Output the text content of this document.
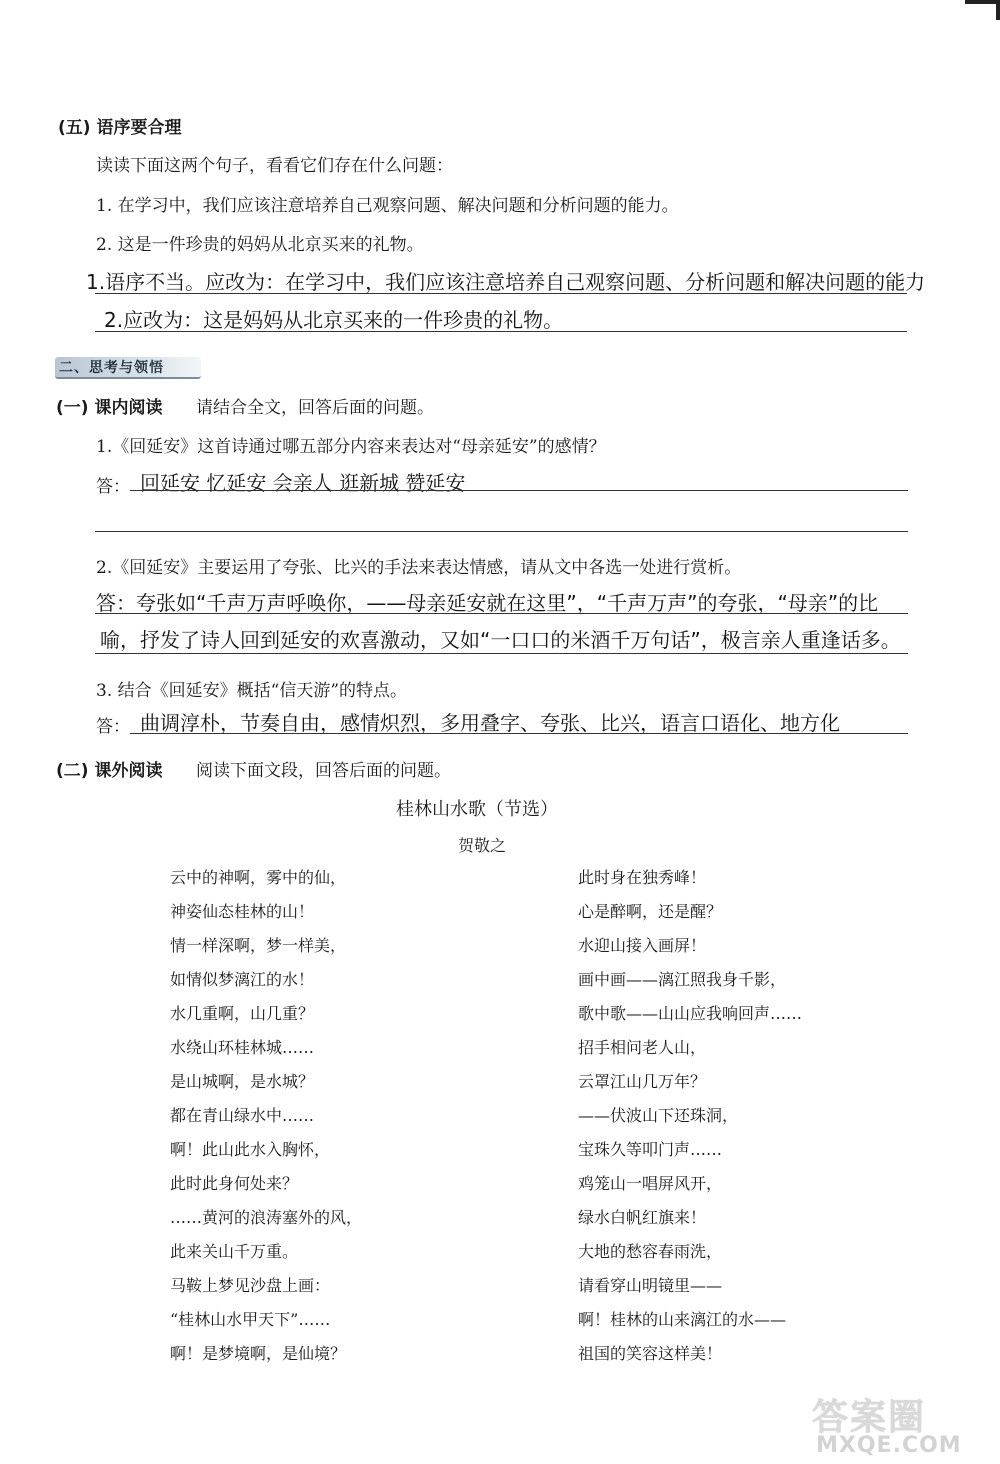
(五) 语序要合理
读读下面这两个句子，看看它们存在什么问题：
1. 在学习中，我们应该注意培养自己观察问题、解决问题和分析问题的能力。
2. 这是一件珍贵的妈妈从北京买来的礼物。
1.语序不当。应改为：在学习中，我们应该注意培养自己观察问题、分析问题和解决问题的能力
2.应改为：这是妈妈从北京买来的一件珍贵的礼物。
二、思考与领悟
(一) 课内阅读 请结合全文，回答后面的问题。
1.《回延安》这首诗通过哪五部分内容来表达对“母亲延安”的感情？
答： 回延安 忆延安 会亲人 逛新城 赞延安
2.《回延安》主要运用了夸张、比兴的手法来表达情感，请从文中各选一处进行赏析。
答：夸张如“千声万声呼唤你，——母亲延安就在这里”，“千声万声”的夸张，“母亲”的比
喻，抒发了诗人回到延安的欢喜激动，又如“一口口的米酒千万句话”，极言亲人重逢话多。
3. 结合《回延安》概括“信天游”的特点。
答： 曲调淳朴，节奏自由，感情炽烈，多用叠字、夸张、比兴，语言口语化、地方化
(二) 课外阅读 阅读下面文段，回答后面的问题。
桂林山水歌（节选）
贺敬之
云中的神啊，雾中的仙，
神姿仙态桂林的山！
情一样深啊，梦一样美，
如情似梦漓江的水！
水几重啊，山几重？
水绕山环桂林城……
是山城啊，是水城？
都在青山绿水中……
啊！此山此水入胸怀，
此时此身何处来？
……黄河的浪涛塞外的风，
此来关山千万重。
马鞍上梦见沙盘上画：
“桂林山水甲天下”……
啊！是梦境啊，是仙境？
此时身在独秀峰！
心是醉啊，还是醒？
水迎山接入画屏！
画中画——漓江照我身千影，
歌中歌——山山应我响回声……
招手相问老人山，
云罩江山几万年？
——伏波山下还珠洞，
宝珠久等叩门声……
鸡笼山一唱屏风开，
绿水白帆红旗来！
大地的愁容春雨洗，
请看穿山明镜里——
啊！桂林的山来漓江的水——
祖国的笑容这样美！
答案圈
MXQE.COM
